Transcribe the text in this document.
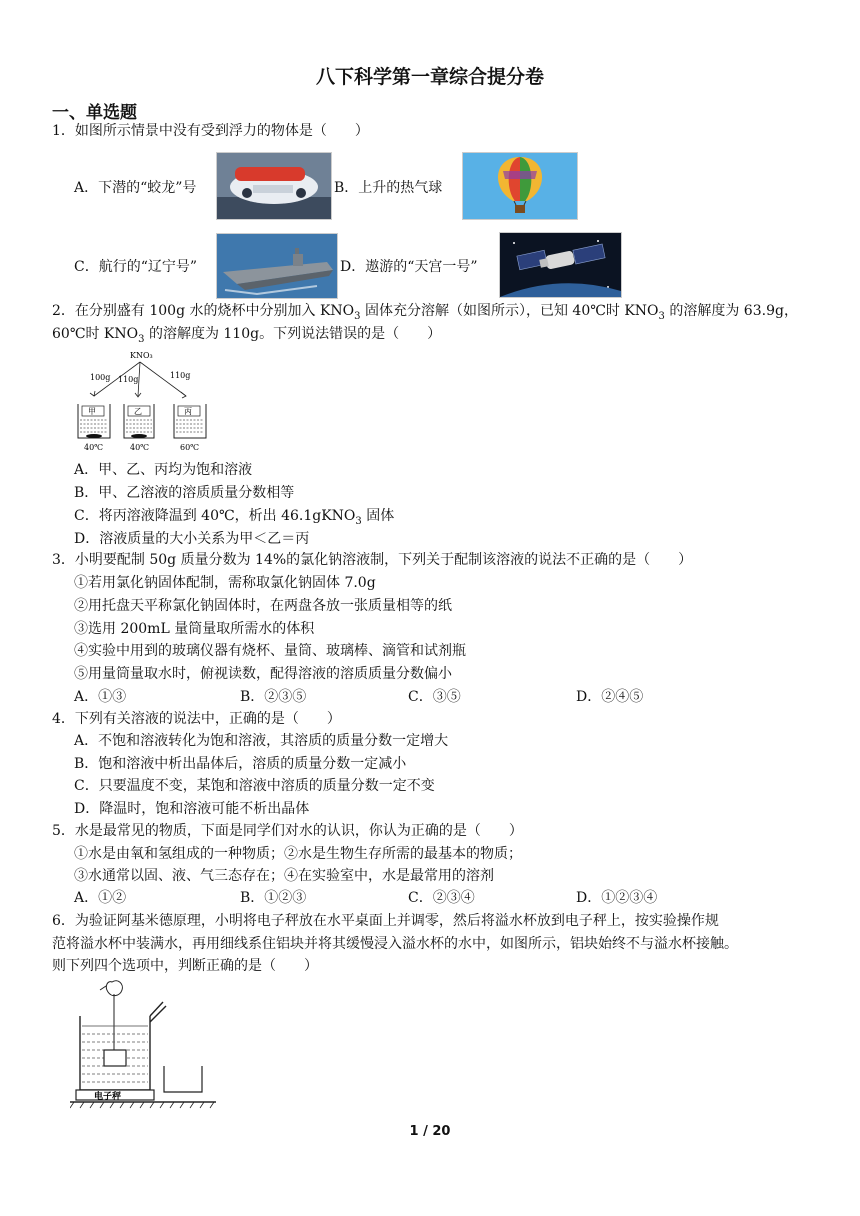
八下科学第一章综合提分卷
一、单选题
1．如图所示情景中没有受到浮力的物体是（　　）
A．下潜的“蛟龙”号	B．上升的热气球
C．航行的“辽宁号”	D．遨游的“天宫一号”
2．在分别盛有 100g 水的烧杯中分别加入 $KNO_3$ 固体充分溶解（如图所示），已知 40℃时 $KNO_3$ 的溶解度为 63.9g，
60℃时 $KNO_3$ 的溶解度为 110g。下列说法错误的是（　　）
KNO₃
100g 110g	110g
甲
40℃
乙
40℃
丙
60℃
A．甲、乙、丙均为饱和溶液
B．甲、乙溶液的溶质质量分数相等
C．将丙溶液降温到 40℃，析出 46.1gKNO$_3$ 固体
D．溶液质量的大小关系为甲＜乙＝丙
3．小明要配制 50g 质量分数为 14%的氯化钠溶液制，下列关于配制该溶液的说法不正确的是（　　）
①若用氯化钠固体配制，需称取氯化钠固体 7.0g
②用托盘天平称氯化钠固体时，在两盘各放一张质量相等的纸
③选用 200mL 量筒量取所需水的体积
④实验中用到的玻璃仪器有烧杯、量筒、玻璃棒、滴管和试剂瓶
⑤用量筒量取水时，俯视读数，配得溶液的溶质质量分数偏小
A．①③	B．②③⑤	C．③⑤	D．②④⑤
4．下列有关溶液的说法中，正确的是（　　）
A．不饱和溶液转化为饱和溶液，其溶质的质量分数一定增大
B．饱和溶液中析出晶体后，溶质的质量分数一定减小
C．只要温度不变，某饱和溶液中溶质的质量分数一定不变
D．降温时，饱和溶液可能不析出晶体
5．水是最常见的物质，下面是同学们对水的认识，你认为正确的是（　　）
①水是由氧和氢组成的一种物质；②水是生物生存所需的最基本的物质；
③水通常以固、液、气三态存在；④在实验室中，水是最常用的溶剂
A．①②	B．①②③	C．②③④	D．①②③④
6．为验证阿基米德原理，小明将电子秤放在水平桌面上并调零，然后将溢水杯放到电子秤上，按实验操作规
范将溢水杯中装满水，再用细线系住铝块并将其缓慢浸入溢水杯的水中，如图所示，铝块始终不与溢水杯接触。
则下列四个选项中，判断正确的是（　　）
电子秤
1 / 20
